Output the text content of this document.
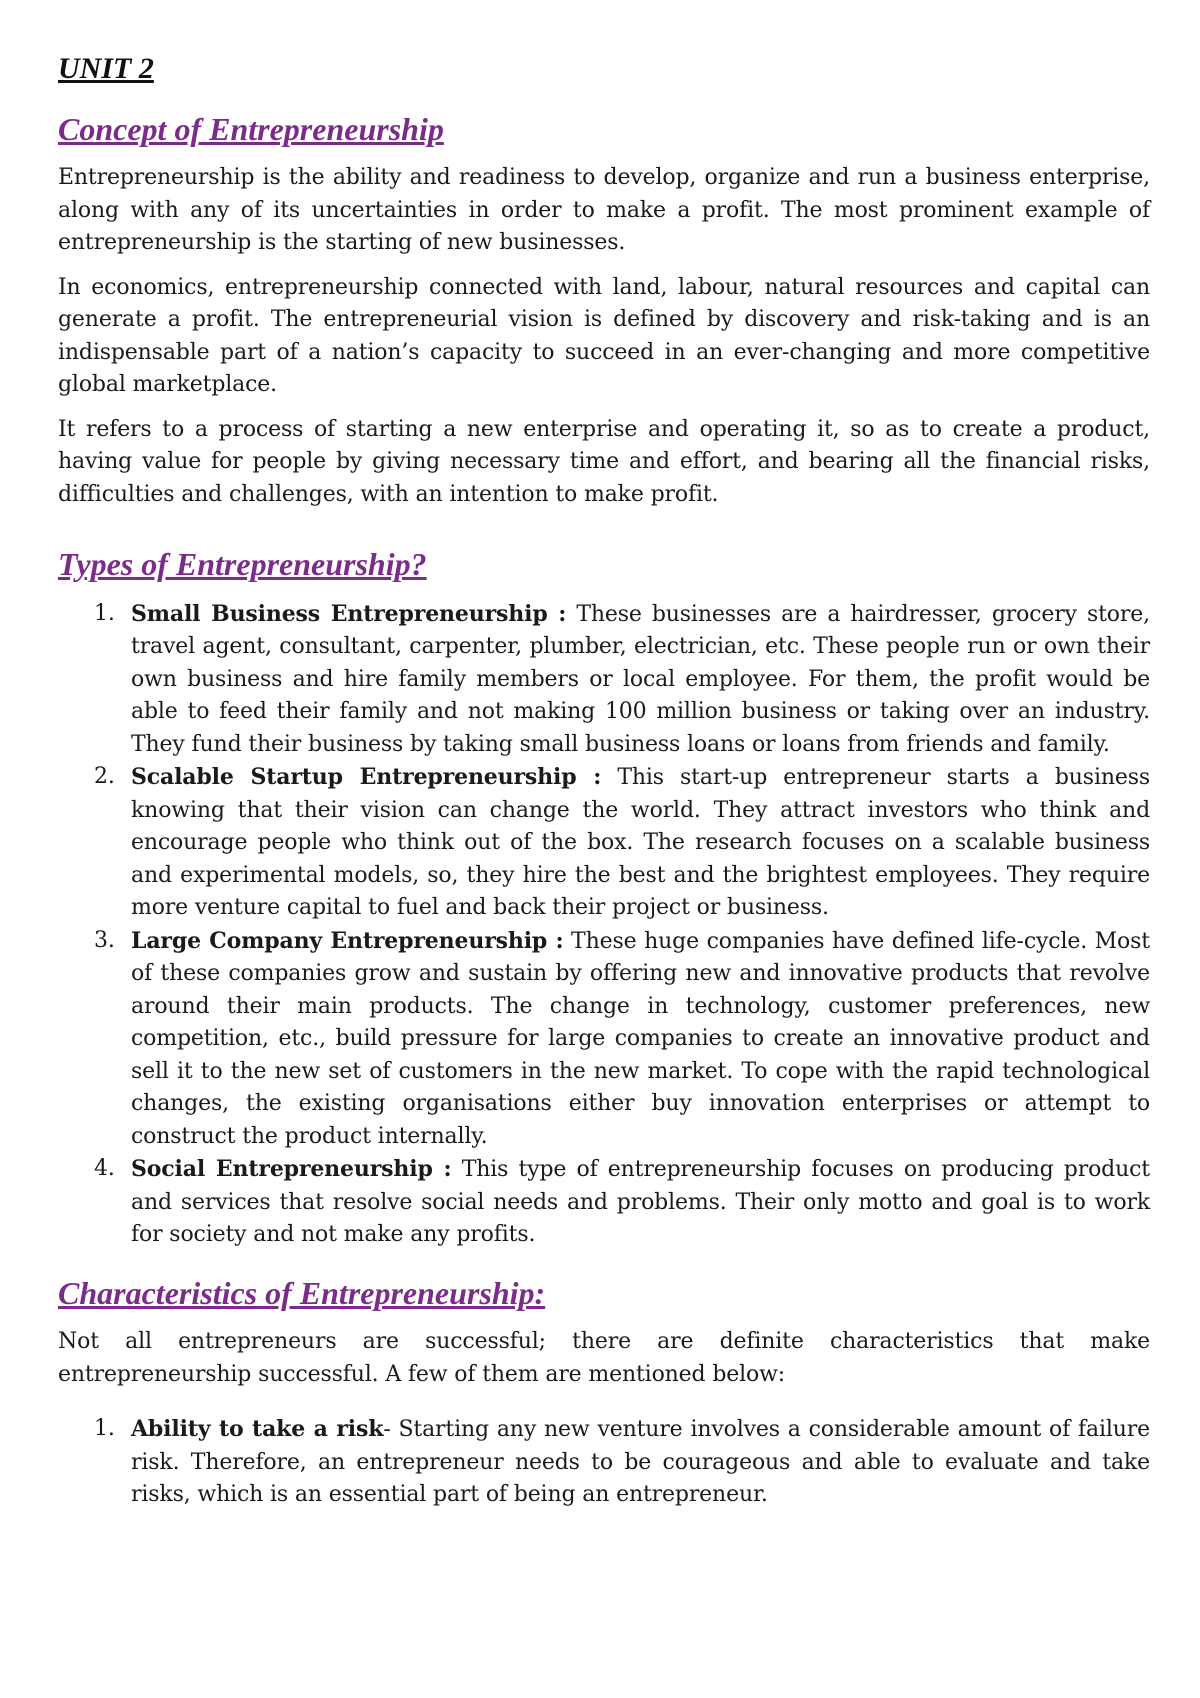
UNIT 2
Concept of Entrepreneurship

Entrepreneurship is the ability and readiness to develop, organize and run a business enterprise, along with any of its uncertainties in order to make a profit. The most prominent example of entrepreneurship is the starting of new businesses.

In economics, entrepreneurship connected with land, labour, natural resources and capital can generate a profit. The entrepreneurial vision is defined by discovery and risk-taking and is an indispensable part of a nation’s capacity to succeed in an ever-changing and more competitive global marketplace.

It refers to a process of starting a new enterprise and operating it, so as to create a product, having value for people by giving necessary time and effort, and bearing all the financial risks, difficulties and challenges, with an intention to make profit.

Types of Entrepreneurship?
1. Small Business Entrepreneurship : These businesses are a hairdresser, grocery store, travel agent, consultant, carpenter, plumber, electrician, etc. These people run or own their own business and hire family members or local employee. For them, the profit would be able to feed their family and not making 100 million business or taking over an industry. They fund their business by taking small business loans or loans from friends and family.
2. Scalable Startup Entrepreneurship : This start-up entrepreneur starts a business knowing that their vision can change the world. They attract investors who think and encourage people who think out of the box. The research focuses on a scalable business and experimental models, so, they hire the best and the brightest employees. They require more venture capital to fuel and back their project or business.
3. Large Company Entrepreneurship : These huge companies have defined life-cycle. Most of these companies grow and sustain by offering new and innovative products that revolve around their main products. The change in technology, customer preferences, new competition, etc., build pressure for large companies to create an innovative product and sell it to the new set of customers in the new market. To cope with the rapid technological changes, the existing organisations either buy innovation enterprises or attempt to construct the product internally.
4. Social Entrepreneurship : This type of entrepreneurship focuses on producing product and services that resolve social needs and problems. Their only motto and goal is to work for society and not make any profits.
Characteristics of Entrepreneurship:

Not all entrepreneurs are successful; there are definite characteristics that make entrepreneurship successful. A few of them are mentioned below:

1. Ability to take a risk- Starting any new venture involves a considerable amount of failure risk. Therefore, an entrepreneur needs to be courageous and able to evaluate and take risks, which is an essential part of being an entrepreneur.
